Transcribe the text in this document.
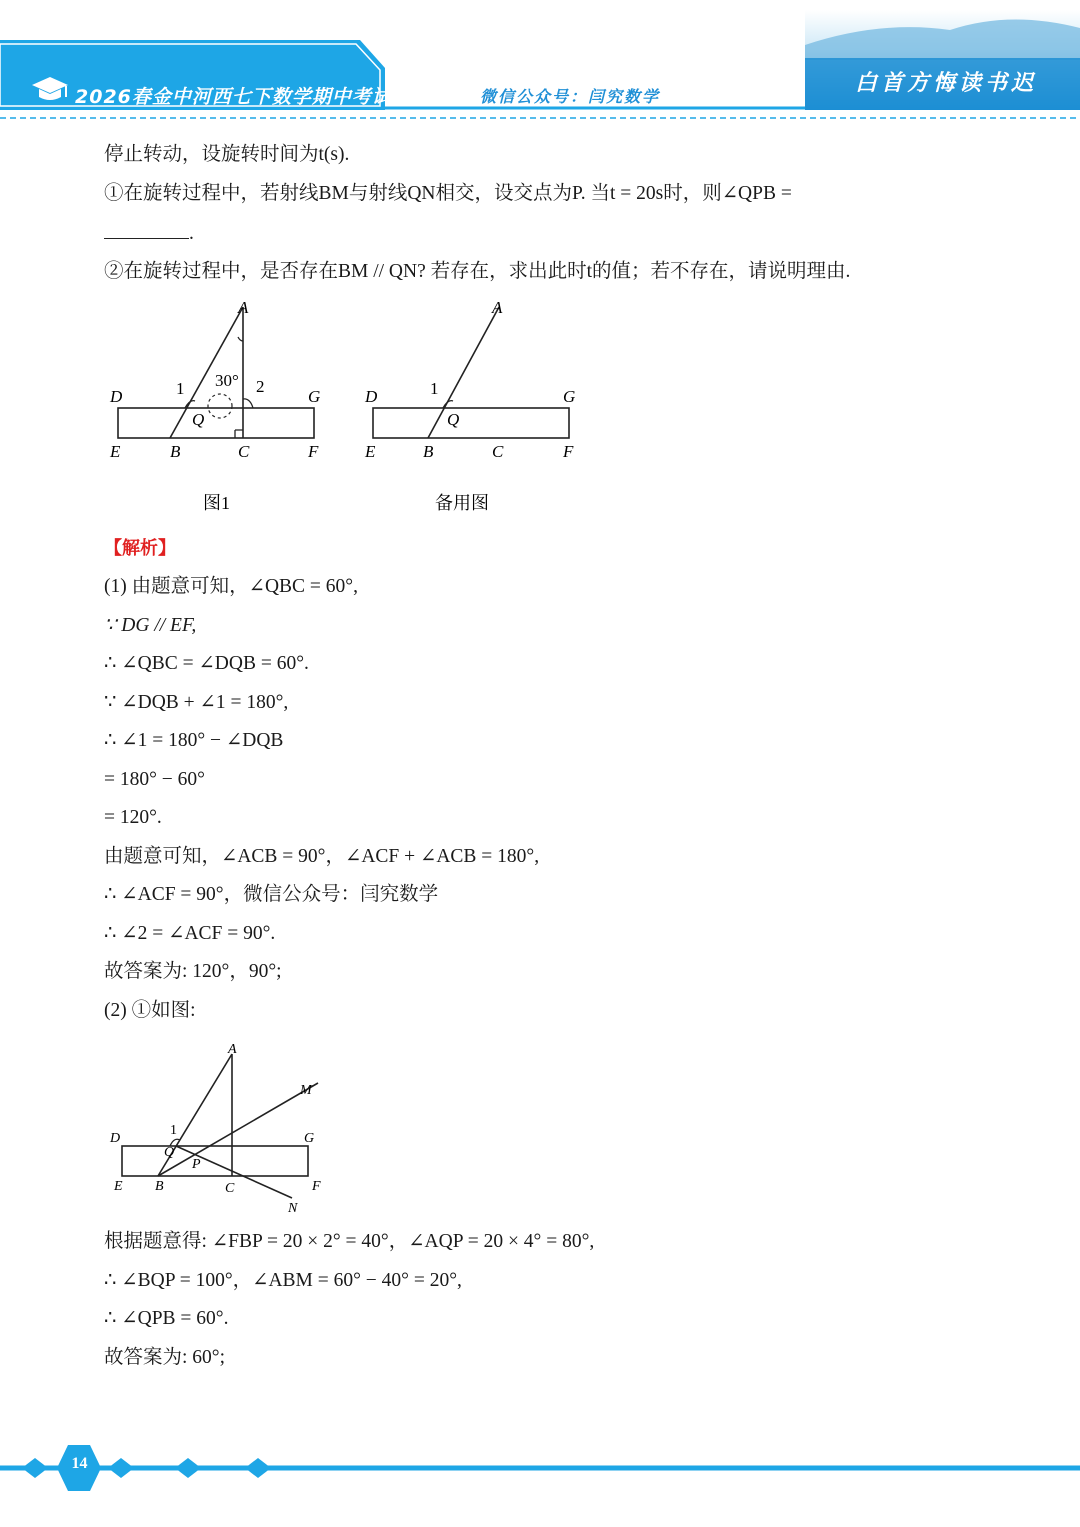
2026春金中河西七下数学期中考试	微信公众号：闫究数学
白首方悔读书迟
停止转动，设旋转时间为t(s).
①在旋转过程中，若射线BM与射线QN相交，设交点为P. 当t = 20s时，则∠QPB =
.
②在旋转过程中，是否存在BM // QN? 若存在，求出此时t的值；若不存在，请说明理由.
A
30°
1	2
D	G
Q
E	B	C	F
图1
A
1
D	G
Q
E	B	C	F
备用图
【解析】
(1) 由题意可知，∠QBC = 60°,
∵ DG // EF,
∴ ∠QBC = ∠DQB = 60°.
∵ ∠DQB + ∠1 = 180°,
∴ ∠1 = 180° − ∠DQB
= 180° − 60°
= 120°.
由题意可知，∠ACB = 90°，∠ACF + ∠ACB = 180°,
∴ ∠ACF = 90°，微信公众号：闫究数学
∴ ∠2 = ∠ACF = 90°.
故答案为: 120°，90°;
(2) ①如图:
A
M
1
D	G
Q
P
E B	C	F
N
根据题意得: ∠FBP = 20 × 2° = 40°，∠AQP = 20 × 4° = 80°,
∴ ∠BQP = 100°，∠ABM = 60° − 40° = 20°,
∴ ∠QPB = 60°.
故答案为: 60°;
14
